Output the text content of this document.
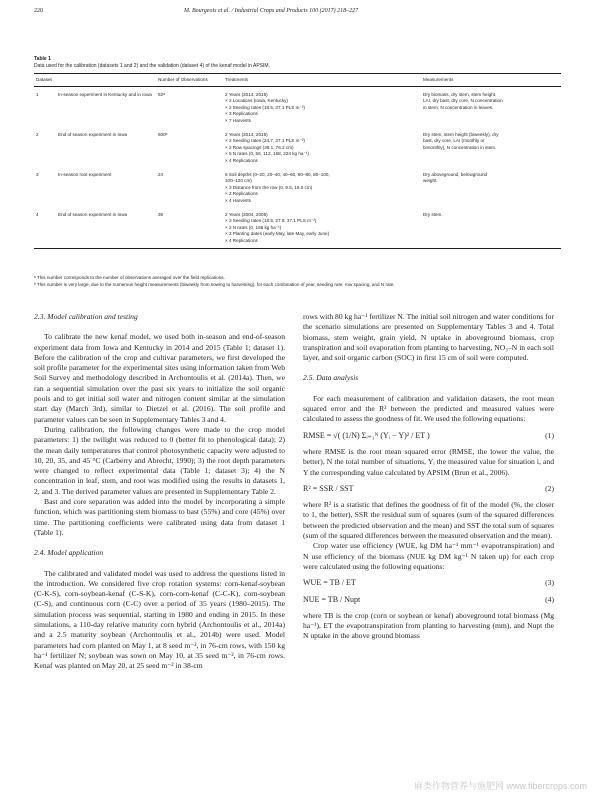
220	M. Bourgeois et al. / Industrial Crops and Products 100 (2017) 218–227
Table 1
Data used for the calibration (datasets 1 and 2) and the validation (dataset 4) of the kenaf model in APSIM.
Dataset		Number of Observations	Treatments	Measurements
1	In-season experiment in Kentucky and in Iowa	52ᵃ	2 Years (2014, 2015)
× 2 Locations (Iowa, Kentucky)
× 2 Seeding rates (18.5, 37.1 PLS m⁻²)
× 3 Replications
× 7 Harvests	Dry biomass, dry stem, stem height,
LAI, dry bast, dry core, N concentration
in stem, N concentration in leaves.

2	End of season experiment in Iowa	600ᵇ	2 Years (2014, 2015)
× 2 Seeding rates (24.7, 37.1 PLS m⁻²)
× 2 Row spacings (38.1, 76.2 cm)
× 5 N rates (0, 56, 112, 168, 224 kg ha⁻¹)
× 4 Replications	Dry stem, stem height (biweekly), dry
bast, dry core, LAI (monthly or
bimonthly), N concentration in stem.

3	In-season root experiment	24	6 Soil depths (0–20, 20–40, 40–60, 60–80, 80–100,
100–120 cm)
× 3 Distance from the row (0, 9.5, 19.0 cm)
× 2 Replications
× 4 Harvests	Dry aboveground, belowground
weight.

4	End of season experiment in Iowa	36	2 Years (2004, 2005)
× 3 Seeding rates (18.5, 27.8, 37.1 PLS m⁻²)
× 2 N rates (0, 168 kg ha⁻¹)
× 3 Planting dates (early May, late May, early June)
× 4 Replications	Dry stem.
ᵃ This number corresponds to the number of observations averaged over the field replications.
ᵇ This number is very large, due to the numerous height measurements (biweekly from sowing to harvesting), for each combination of year, seeding rate, row spacing, and N rate.

2.3. Model calibration and testing

To calibrate the new kenaf model, we used both in-season and end-of-season experiment data from Iowa and Kentucky in 2014 and 2015 (Table 1; dataset 1). Before the calibration of the crop and cultivar parameters, we first developed the soil profile parameter for the experimental sites using information taken from Web Soil Survey and methodology described in Archontoulis et al. (2014a). Then, we ran a sequential simulation over the past six years to initialize the soil organic pools and to get initial soil water and nitrogen content similar at the simulation start day (March 3rd), similar to Dietzel et al. (2016). The soil profile and parameter values can be seen in Supplementary Tables 3 and 4.

During calibration, the following changes were made to the crop model parameters: 1) the twilight was reduced to 0 (better fit to phenological data); 2) the mean daily temperatures that control photosynthetic capacity were adjusted to 10, 20, 35, and 45 °C (Carberry and Abrecht, 1990); 3) the root depth parameters were changed to reflect experimental data (Table 1; dataset 3); 4) the N concentration in leaf, stem, and root was modified using the results in datasets 1, 2, and 3. The derived parameter values are presented in Supplementary Table 2.

Bast and core separation was added into the model by incorporating a simple function, which was partitioning stem biomass to bast (55%) and core (45%) over time. The partitioning coefficients were calibrated using data from dataset 1 (Table 1).

2.4. Model application

The calibrated and validated model was used to address the questions listed in the introduction. We considered five crop rotation systems: corn-kenaf-soybean (C-K-S), corn-soybean-kenaf (C-S-K), corn-corn-kenaf (C-C-K), corn-soybean (C-S), and continuous corn (C-C) over a period of 35 years (1980–2015). The simulation process was sequential, starting in 1980 and ending in 2015. In these simulations, a 110-day relative maturity corn hybrid (Archontoulis et al., 2014a) and a 2.5 maturity soybean (Archontoulis et al., 2014b) were used. Model parameters had corn planted on May 1, at 8 seed m⁻², in 76-cm rows, with 150 kg ha⁻¹ fertilizer N; soybean was sown on May 10, at 35 seed m⁻², in 76-cm rows. Kenaf was planted on May 20, at 25 seed m⁻² in 38-cm

rows with 80 kg ha⁻¹ fertilizer N. The initial soil nitrogen and water conditions for the scenario simulations are presented on Supplementary Tables 3 and 4. Total biomass, stem weight, grain yield, N uptake in aboveground biomass, crop transpiration and soil evaporation from planting to harvesting, NO₃–N in each soil layer, and soil organic carbon (SOC) in first 15 cm of soil were computed.

2.5. Data analysis

For each measurement of calibration and validation datasets, the root mean squared error and the R² between the predicted and measured values were calculated to assess the goodness of fit. We used the following equations:

RMSE = √( (1/N) Σᵢ₌₁ᴺ (Yᵢ − Y)² / ET )	(1)

where RMSE is the root mean squared error (RMSE, the lower the value, the better), N the total number of situations, Yᵢ the measured value for situation i, and Y the corresponding value calculated by APSIM (Brun et al., 2006).

R² = SSR / SST	(2)

where R² is a statistic that defines the goodness of fit of the model (%, the closer to 1, the better), SSR the residual sum of squares (sum of the squared differences between the predicted observation and the mean) and SST the total sum of squares (sum of the squared differences between the measured observation and the mean).

Crop water use efficiency (WUE, kg DM ha⁻¹ mm⁻¹ evapotranspiration) and N use efficiency of the biomass (NUE kg DM kg⁻¹ N taken up) for each crop were calculated using the following equations:

WUE = TB / ET	(3)
NUE = TB / Nupt	(4)

where TB is the crop (corn or soybean or kenaf) aboveground total biomass (Mg ha⁻¹), ET the evapotranspiration from planting to harvesting (mm), and Nupt the N uptake in the above ground biomass

麻类作物营养与施肥网 www.fibercrops.com
